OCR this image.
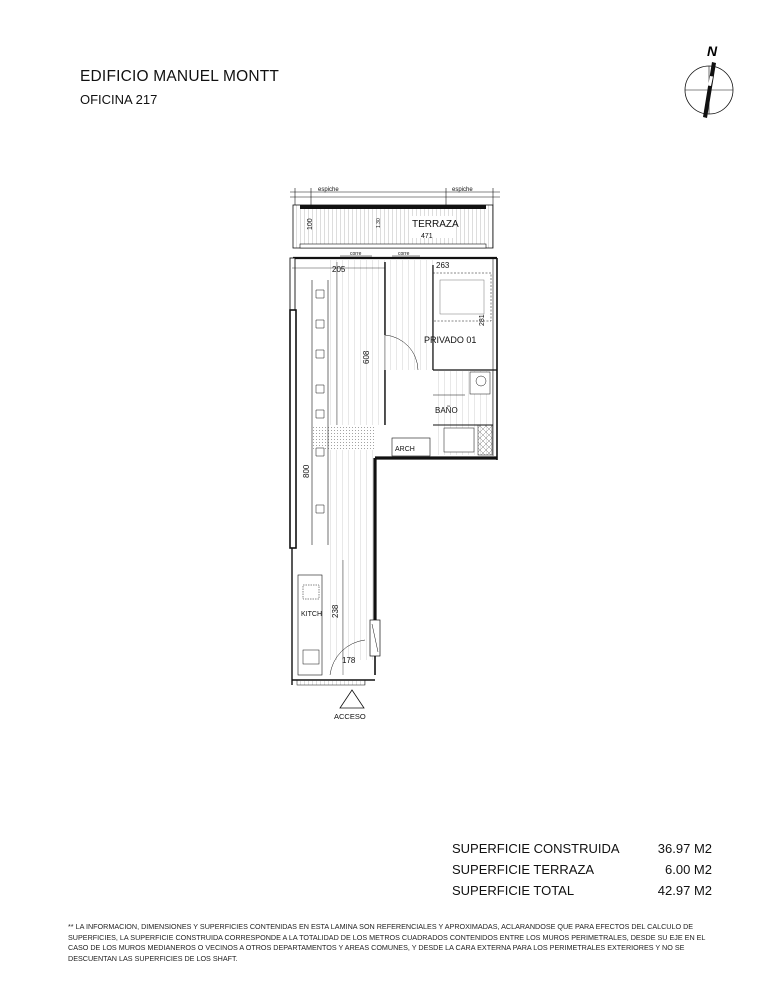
EDIFICIO MANUEL MONTT
OFICINA 217
N
espiche	espiche
TERRAZA
471
100	1.30
corre	corre
PRIVADO 01
281
263
BAÑO
ARCH
KITCH
205
608
800
238
178
ACCESO
SUPERFICIE CONSTRUIDA	36.97 M2
SUPERFICIE TERRAZA	6.00 M2
SUPERFICIE TOTAL	42.97 M2
** LA INFORMACION, DIMENSIONES Y SUPERFICIES CONTENIDAS EN ESTA LAMINA SON REFERENCIALES Y APROXIMADAS, ACLARANDOSE QUE PARA EFECTOS DEL CALCULO DE SUPERFICIES, LA SUPERFICIE CONSTRUIDA CORRESPONDE A LA TOTALIDAD DE LOS METROS CUADRADOS CONTENIDOS ENTRE LOS MUROS PERIMETRALES, DESDE SU EJE EN EL CASO DE LOS MUROS MEDIANEROS O VECINOS A OTROS DEPARTAMENTOS Y AREAS COMUNES, Y DESDE LA CARA EXTERNA PARA LOS PERIMETRALES EXTERIORES Y NO SE DESCUENTAN LAS SUPERFICIES DE LOS SHAFT.
